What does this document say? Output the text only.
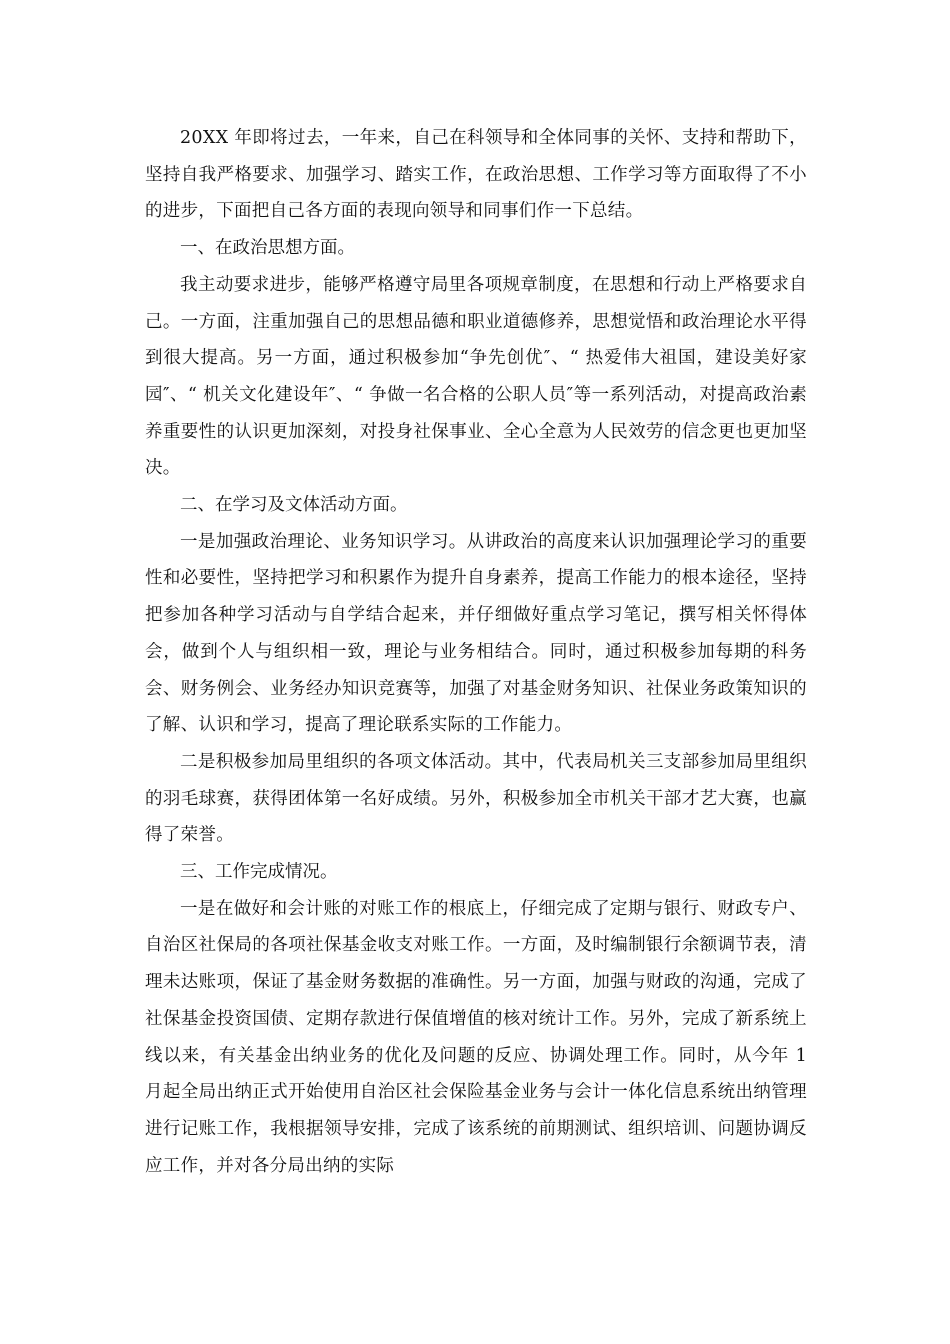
20XX 年即将过去，一年来，自己在科领导和全体同事的关怀、支持和帮助下，坚持自我严格要求、加强学习、踏实工作，在政治思想、工作学习等方面取得了不小的进步，下面把自己各方面的表现向领导和同事们作一下总结。

一、在政治思想方面。

我主动要求进步，能够严格遵守局里各项规章制度，在思想和行动上严格要求自己。一方面，注重加强自己的思想品德和职业道德修养，思想觉悟和政治理论水平得到很大提高。另一方面，通过积极参加“争先创优″、“ 热爱伟大祖国，建设美好家园″、“ 机关文化建设年″、“ 争做一名合格的公职人员″等一系列活动，对提高政治素养重要性的认识更加深刻，对投身社保事业、全心全意为人民效劳的信念更也更加坚决。

二、在学习及文体活动方面。

一是加强政治理论、业务知识学习。从讲政治的高度来认识加强理论学习的重要性和必要性，坚持把学习和积累作为提升自身素养，提高工作能力的根本途径，坚持把参加各种学习活动与自学结合起来，并仔细做好重点学习笔记，撰写相关怀得体会，做到个人与组织相一致，理论与业务相结合。同时，通过积极参加每期的科务会、财务例会、业务经办知识竞赛等，加强了对基金财务知识、社保业务政策知识的了解、认识和学习，提高了理论联系实际的工作能力。

二是积极参加局里组织的各项文体活动。其中，代表局机关三支部参加局里组织的羽毛球赛，获得团体第一名好成绩。另外，积极参加全市机关干部才艺大赛，也赢得了荣誉。

三、工作完成情况。

一是在做好和会计账的对账工作的根底上，仔细完成了定期与银行、财政专户、自治区社保局的各项社保基金收支对账工作。一方面，及时编制银行余额调节表，清理未达账项，保证了基金财务数据的准确性。另一方面，加强与财政的沟通，完成了社保基金投资国债、定期存款进行保值增值的核对统计工作。另外，完成了新系统上线以来，有关基金出纳业务的优化及问题的反应、协调处理工作。同时，从今年 1 月起全局出纳正式开始使用自治区社会保险基金业务与会计一体化信息系统出纳管理进行记账工作，我根据领导安排，完成了该系统的前期测试、组织培训、问题协调反应工作，并对各分局出纳的实际
